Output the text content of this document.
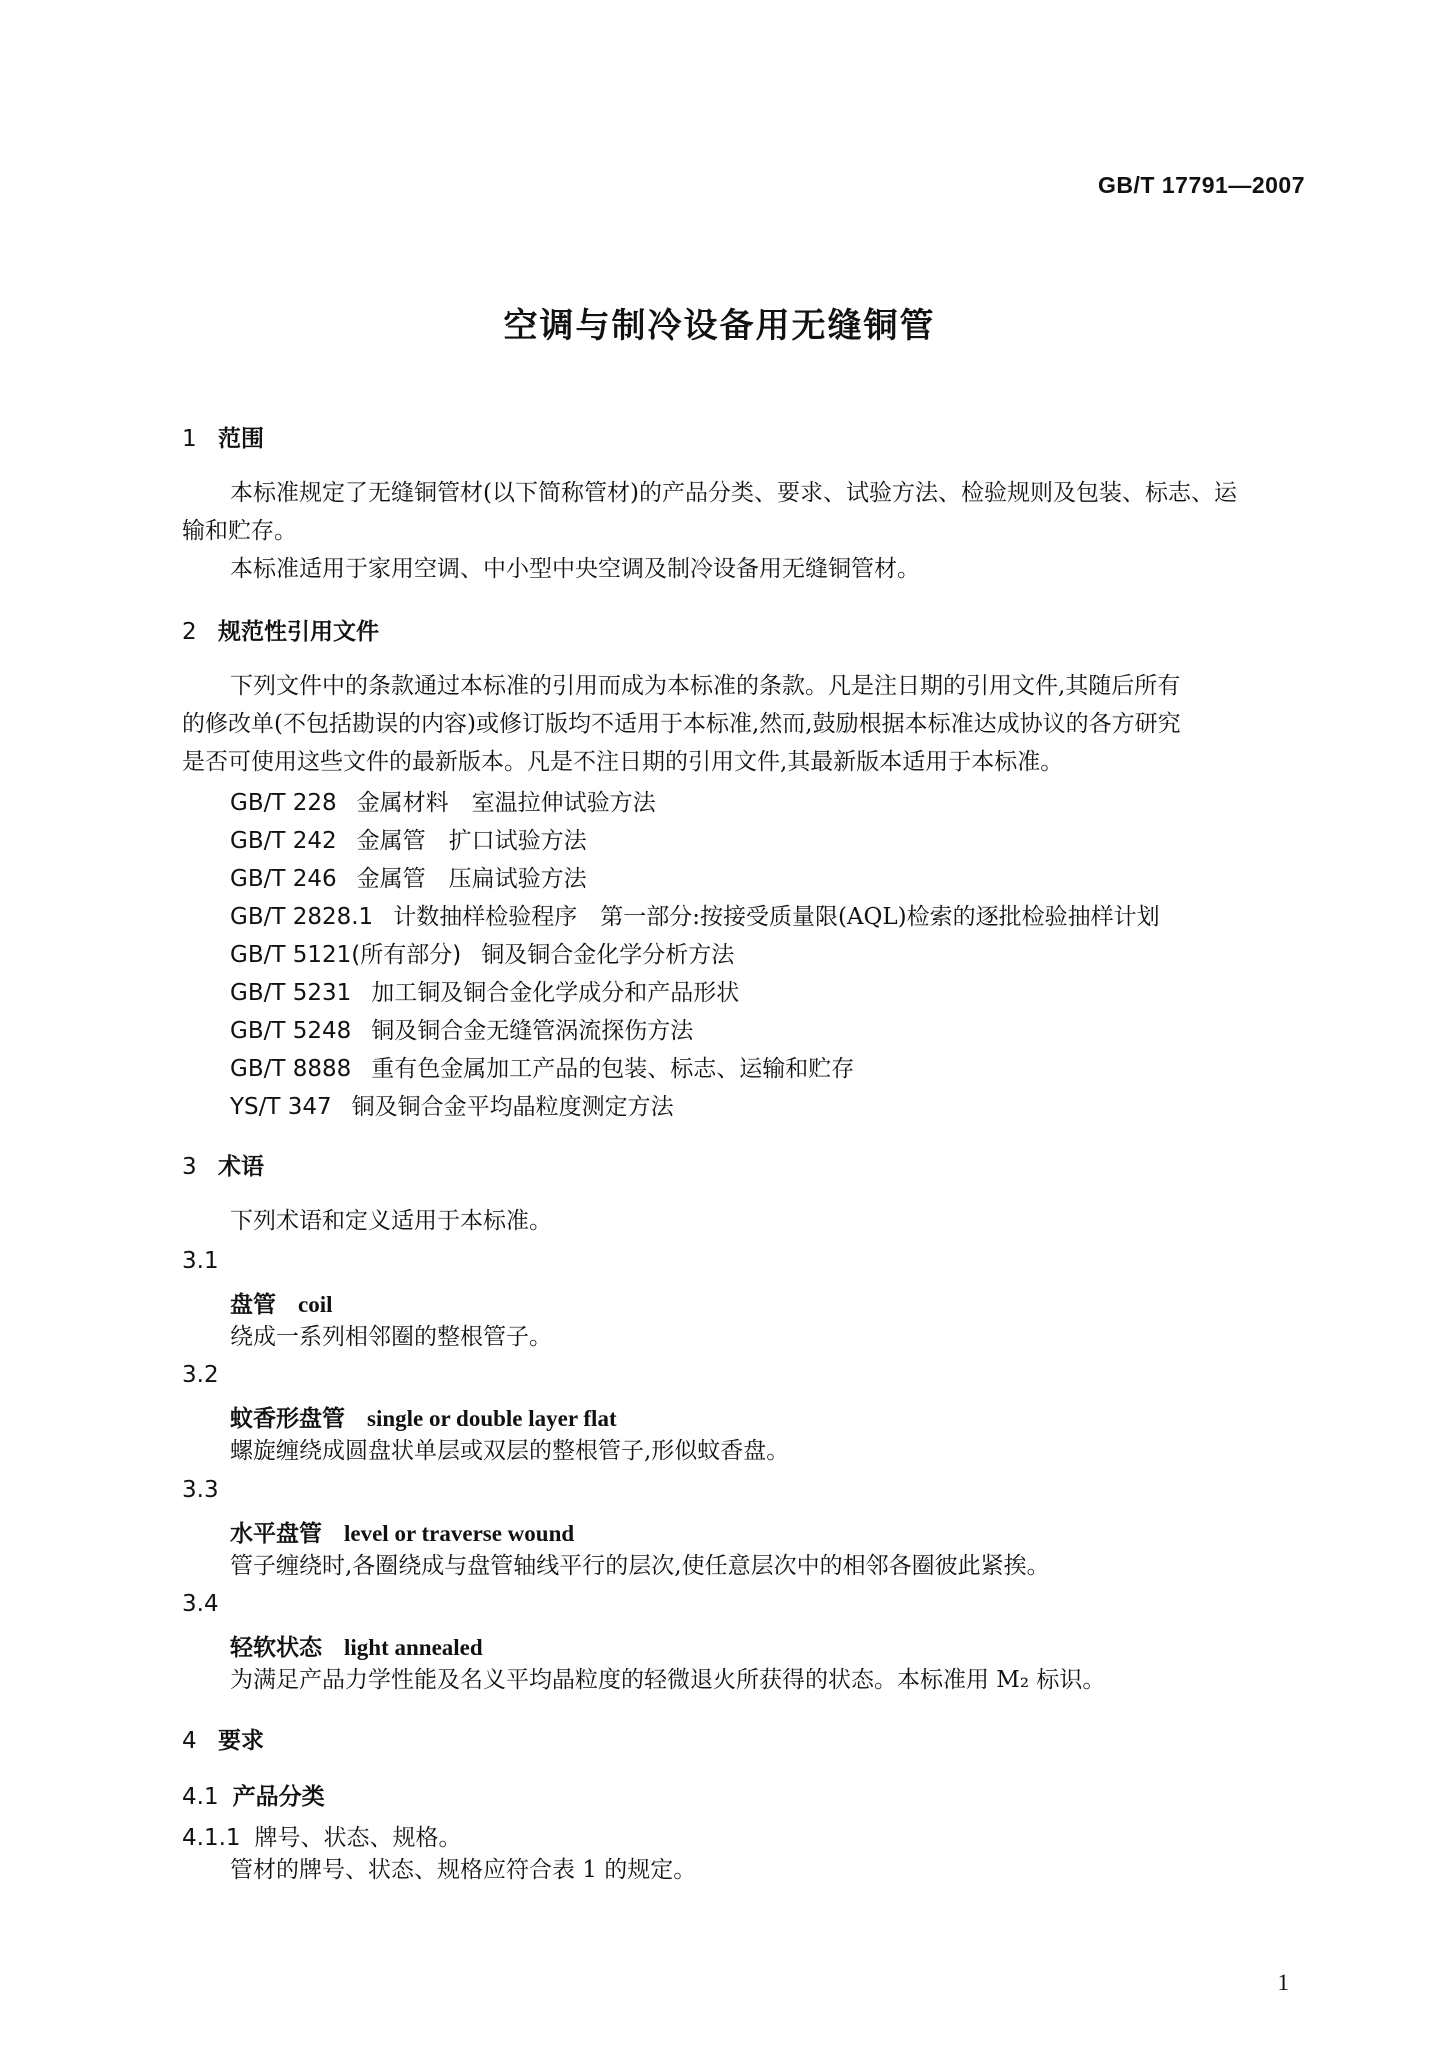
GB/T 17791—2007
空调与制冷设备用无缝铜管
1 范围
本标准规定了无缝铜管材(以下简称管材)的产品分类、要求、试验方法、检验规则及包装、标志、运
输和贮存。
本标准适用于家用空调、中小型中央空调及制冷设备用无缝铜管材。
2 规范性引用文件
下列文件中的条款通过本标准的引用而成为本标准的条款。凡是注日期的引用文件,其随后所有
的修改单(不包括勘误的内容)或修订版均不适用于本标准,然而,鼓励根据本标准达成协议的各方研究
是否可使用这些文件的最新版本。凡是不注日期的引用文件,其最新版本适用于本标准。
GB/T 228 金属材料　室温拉伸试验方法
GB/T 242 金属管　扩口试验方法
GB/T 246 金属管　压扁试验方法
GB/T 2828.1 计数抽样检验程序　第一部分:按接受质量限(AQL)检索的逐批检验抽样计划
GB/T 5121(所有部分) 铜及铜合金化学分析方法
GB/T 5231 加工铜及铜合金化学成分和产品形状
GB/T 5248 铜及铜合金无缝管涡流探伤方法
GB/T 8888 重有色金属加工产品的包装、标志、运输和贮存
YS/T 347 铜及铜合金平均晶粒度测定方法
3 术语
下列术语和定义适用于本标准。
3.1
盘管 coil
绕成一系列相邻圈的整根管子。
3.2
蚊香形盘管 single or double layer flat
螺旋缠绕成圆盘状单层或双层的整根管子,形似蚊香盘。
3.3
水平盘管 level or traverse wound
管子缠绕时,各圈绕成与盘管轴线平行的层次,使任意层次中的相邻各圈彼此紧挨。
3.4
轻软状态 light annealed
为满足产品力学性能及名义平均晶粒度的轻微退火所获得的状态。本标准用 M₂ 标识。
4 要求
4.1 产品分类
4.1.1 牌号、状态、规格。
管材的牌号、状态、规格应符合表 1 的规定。
1
